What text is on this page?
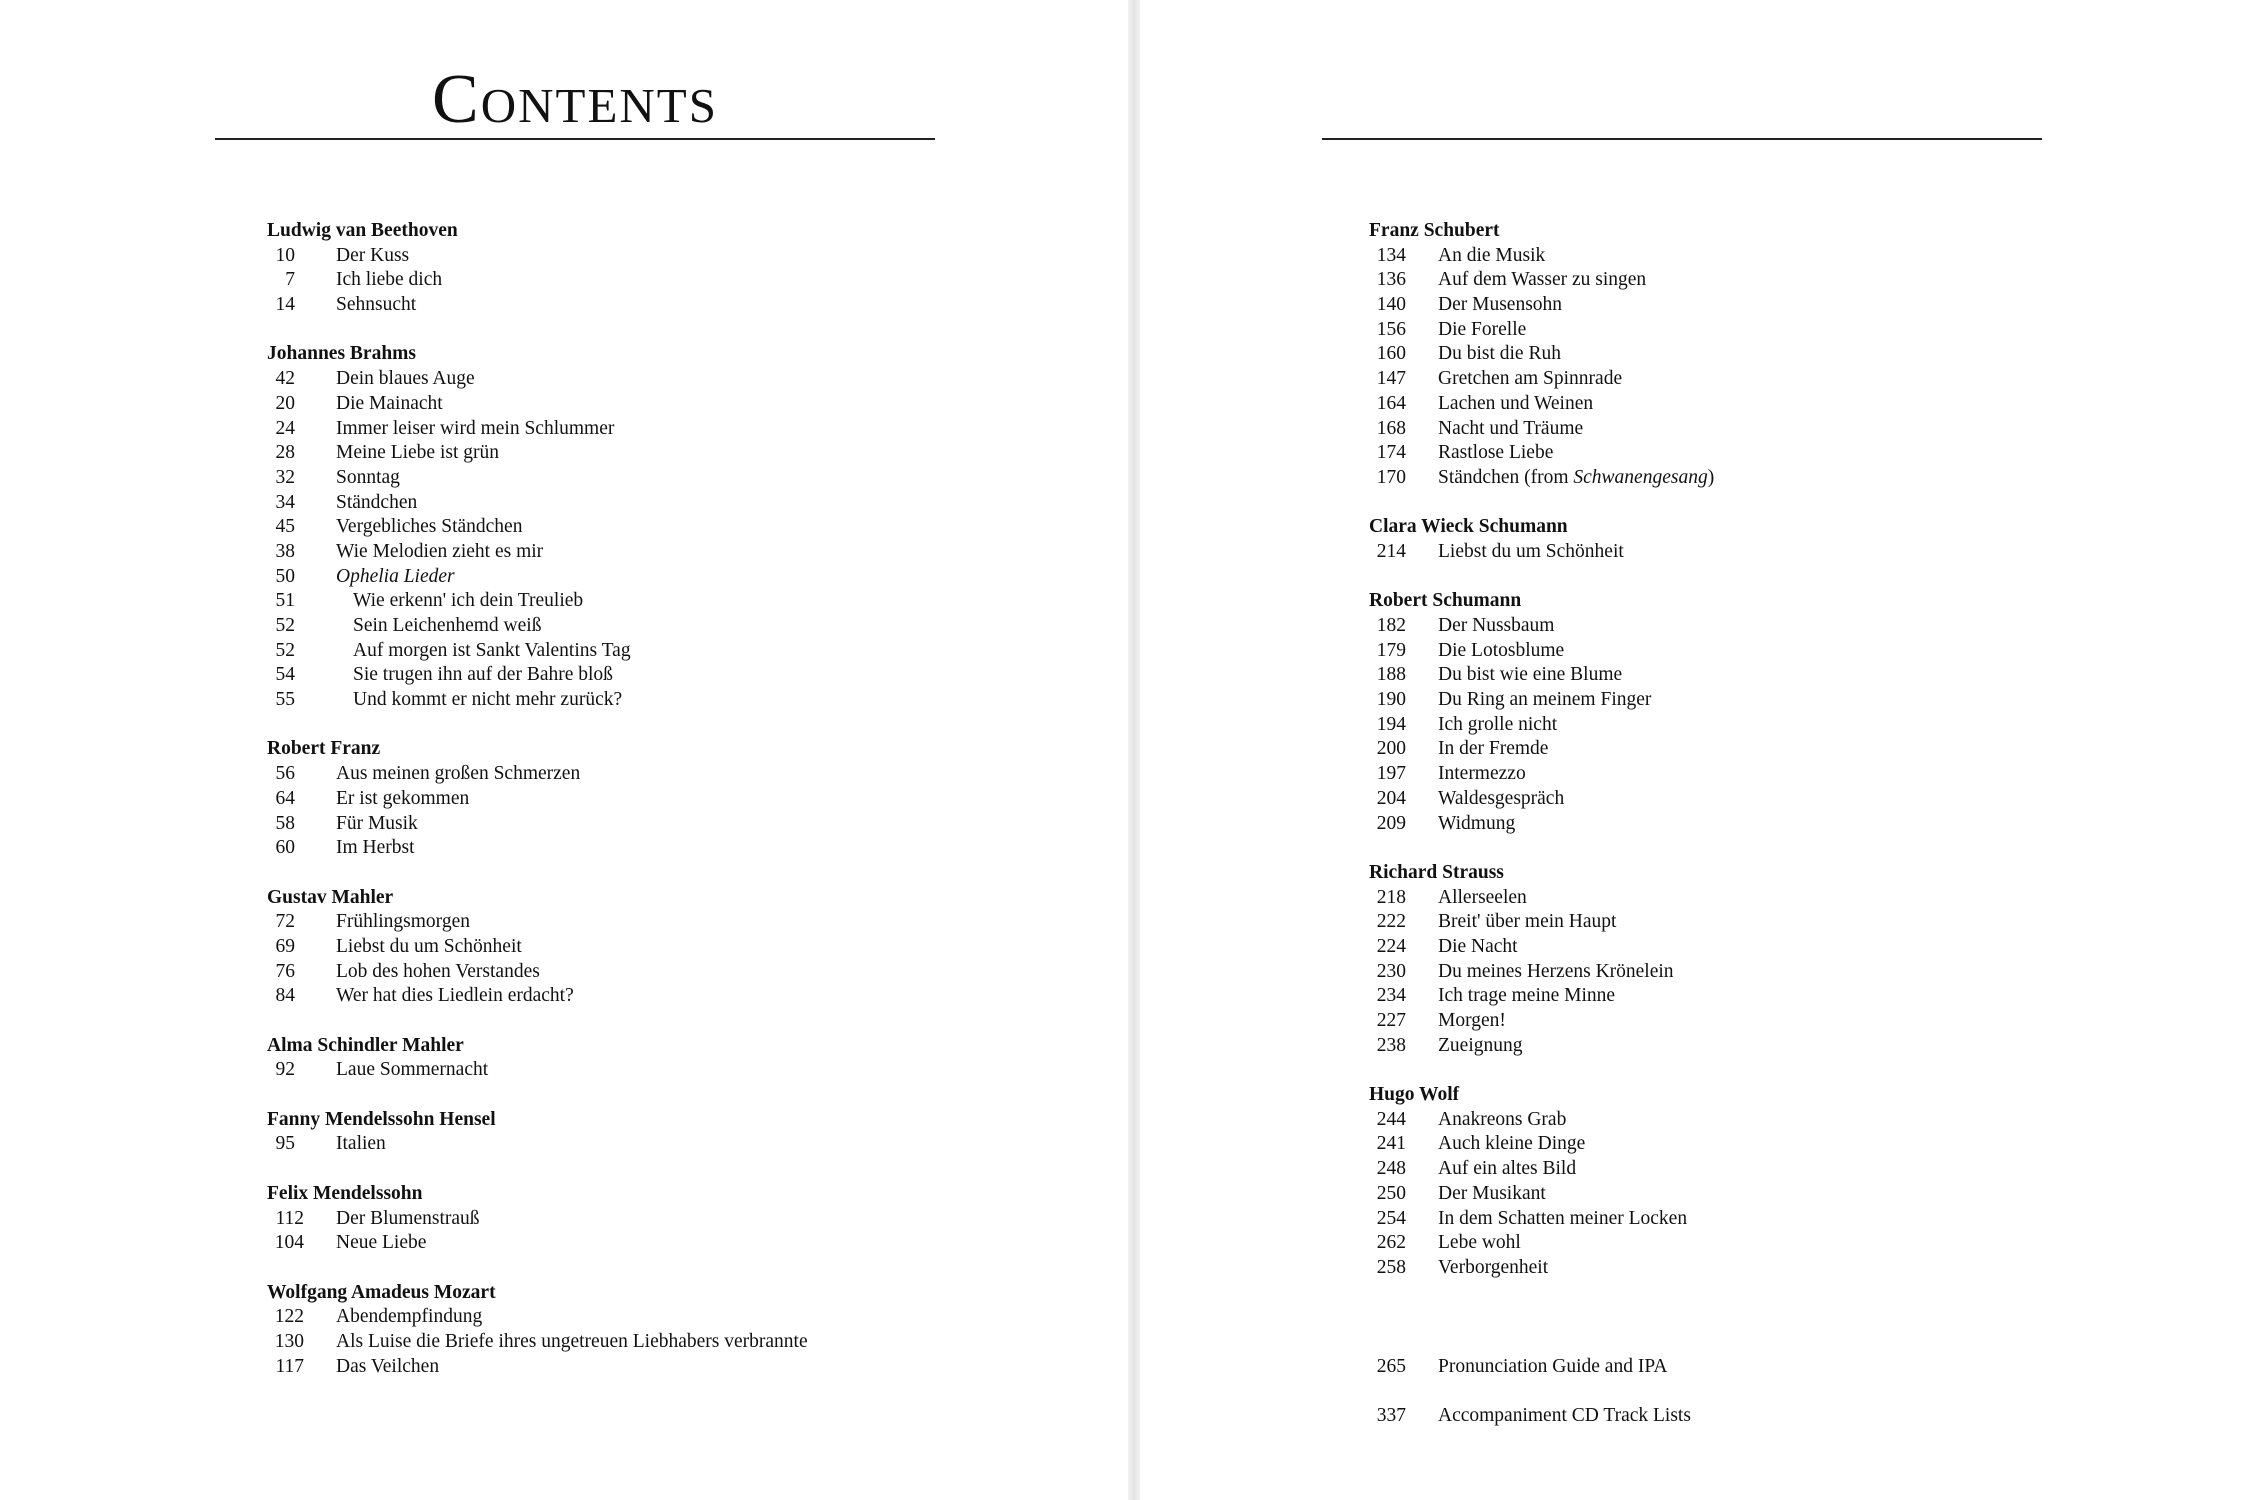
Contents
Ludwig van Beethoven
10 Der Kuss
7 Ich liebe dich
14 Sehnsucht
Johannes Brahms
42 Dein blaues Auge
20 Die Mainacht
24 Immer leiser wird mein Schlummer
28 Meine Liebe ist grün
32 Sonntag
34 Ständchen
45 Vergebliches Ständchen
38 Wie Melodien zieht es mir
50 Ophelia Lieder
51	Wie erkenn' ich dein Treulieb
52	Sein Leichenhemd weiß
52	Auf morgen ist Sankt Valentins Tag
54	Sie trugen ihn auf der Bahre bloß
55	Und kommt er nicht mehr zurück?
Robert Franz
56 Aus meinen großen Schmerzen
64 Er ist gekommen
58 Für Musik
60 Im Herbst
Gustav Mahler
72 Frühlingsmorgen
69 Liebst du um Schönheit
76 Lob des hohen Verstandes
84 Wer hat dies Liedlein erdacht?
Alma Schindler Mahler
92 Laue Sommernacht
Fanny Mendelssohn Hensel
95 Italien
Felix Mendelssohn
112 Der Blumenstrauß
104 Neue Liebe
Wolfgang Amadeus Mozart
122 Abendempfindung
130 Als Luise die Briefe ihres ungetreuen Liebhabers verbrannte
117 Das Veilchen
Franz Schubert
134 An die Musik
136 Auf dem Wasser zu singen
140 Der Musensohn
156 Die Forelle
160 Du bist die Ruh
147 Gretchen am Spinnrade
164 Lachen und Weinen
168 Nacht und Träume
174 Rastlose Liebe
170 Ständchen (from Schwanengesang)
Clara Wieck Schumann
214 Liebst du um Schönheit
Robert Schumann
182 Der Nussbaum
179 Die Lotosblume
188 Du bist wie eine Blume
190 Du Ring an meinem Finger
194 Ich grolle nicht
200 In der Fremde
197 Intermezzo
204 Waldesgespräch
209 Widmung
Richard Strauss
218 Allerseelen
222 Breit' über mein Haupt
224 Die Nacht
230 Du meines Herzens Krönelein
234 Ich trage meine Minne
227 Morgen!
238 Zueignung
Hugo Wolf
244 Anakreons Grab
241 Auch kleine Dinge
248 Auf ein altes Bild
250 Der Musikant
254 In dem Schatten meiner Locken
262 Lebe wohl
258 Verborgenheit
265 Pronunciation Guide and IPA
337 Accompaniment CD Track Lists
